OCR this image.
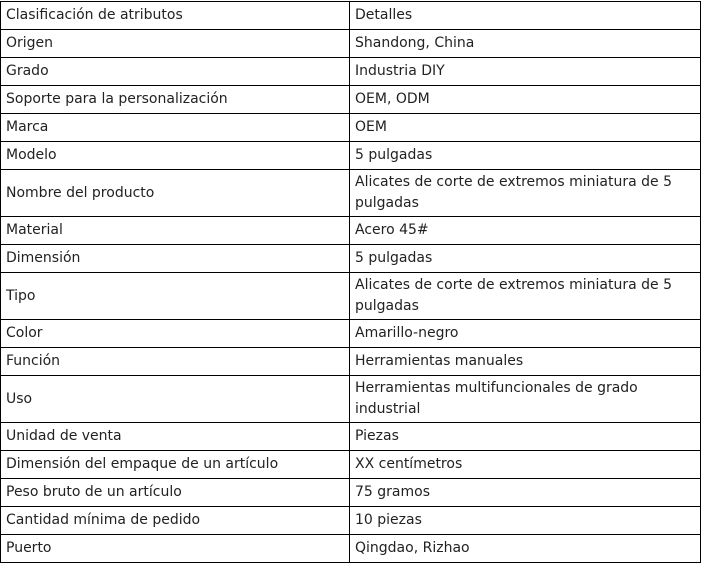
Clasificación de atributos	Detalles
Origen	Shandong, China
Grado	Industria DIY
Soporte para la personalización	OEM, ODM
Marca	OEM
Modelo	5 pulgadas
Nombre del producto	Alicates de corte de extremos miniatura de 5 pulgadas
Material	Acero 45#
Dimensión	5 pulgadas
Tipo	Alicates de corte de extremos miniatura de 5 pulgadas
Color	Amarillo-negro
Función	Herramientas manuales
Uso	Herramientas multifuncionales de grado industrial
Unidad de venta	Piezas
Dimensión del empaque de un artículo	XX centímetros
Peso bruto de un artículo	75 gramos
Cantidad mínima de pedido	10 piezas
Puerto	Qingdao, Rizhao
